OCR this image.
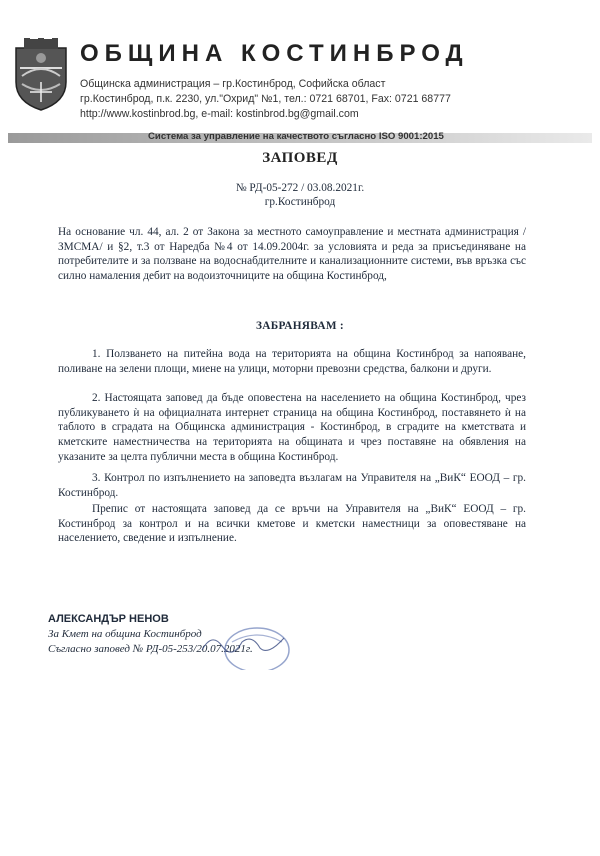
ОБЩИНА КОСТИНБРОД
Общинска администрация – гр.Костинброд, Софийска област
гр.Костинброд, п.к. 2230, ул."Охрид" №1, тел.: 0721 68701, Fax: 0721 68777
http://www.kostinbrod.bg, e-mail: kostinbrod.bg@gmail.com
Система за управление на качеството съгласно ISO 9001:2015
ЗАПОВЕД
№ РД-05-272 / 03.08.2021г.
гр.Костинброд
На основание чл. 44, ал. 2 от Закона за местното самоуправление и местната администрация /ЗМСМА/ и §2, т.3 от Наредба №4 от 14.09.2004г. за условията и реда за присъединяване на потребителите и за ползване на водоснабдителните и канализационните системи, във връзка със силно намаления дебит на водоизточниците на община Костинброд,
ЗАБРАНЯВАМ :
1. Ползването на питейна вода на територията на община Костинброд за напояване, поливане на зелени площи, миене на улици, моторни превозни средства, балкони и други.
2. Настоящата заповед да бъде оповестена на населението на община Костинброд, чрез публикуването ѝ на официалната интернет страница на община Костинброд, поставянето ѝ на таблото в сградата на Общинска администрация - Костинброд, в сградите на кметствата и кметските наместничества на територията на общината и чрез поставяне на обявления на указаните за целта публични места в община Костинброд.
3. Контрол по изпълнението на заповедта възлагам на Управителя на „ВиК“ ЕООД – гр. Костинброд.
Препис от настоящата заповед да се връчи на Управителя на „ВиК“ ЕООД – гр. Костинброд за контрол и на всички кметове и кметски наместници за оповестяване на населението, сведение и изпълнение.
АЛЕКСАНДЪР НЕНОВ
За Кмет на община Костинброд
Съгласно заповед № РД-05-253/20.07.2021г.
